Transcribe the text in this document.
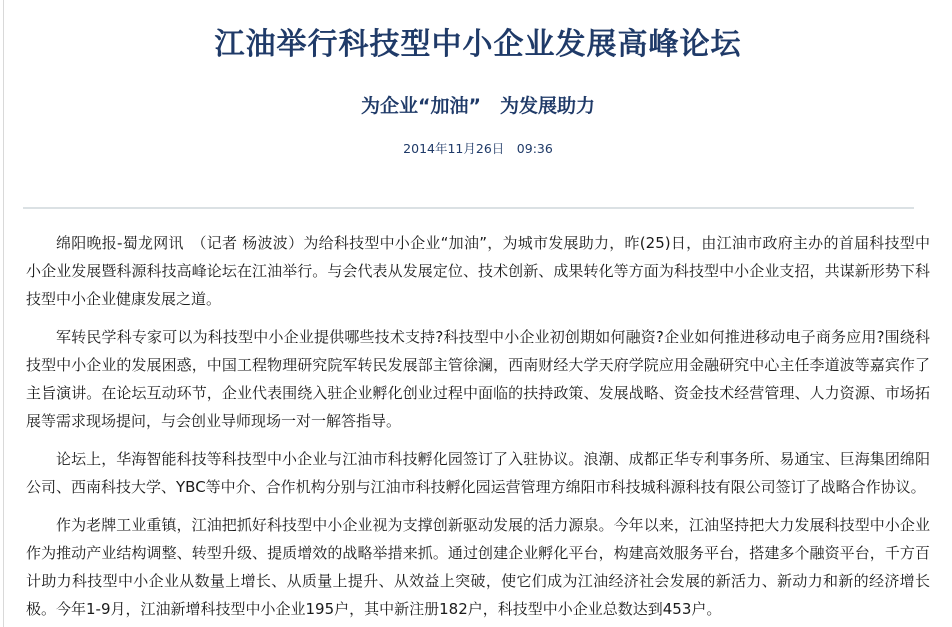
江油举行科技型中小企业发展高峰论坛
为企业“加油”　为发展助力
2014年11月26日　09:36

绵阳晚报-蜀龙网讯　（记者 杨波波）为给科技型中小企业“加油”，为城市发展助力，昨(25)日，由江油市政府主办的首届科技型中小企业发展暨科源科技高峰论坛在江油举行。与会代表从发展定位、技术创新、成果转化等方面为科技型中小企业支招，共谋新形势下科技型中小企业健康发展之道。

军转民学科专家可以为科技型中小企业提供哪些技术支持?科技型中小企业初创期如何融资?企业如何推进移动电子商务应用?围绕科技型中小企业的发展困惑，中国工程物理研究院军转民发展部主管徐澜，西南财经大学天府学院应用金融研究中心主任李道波等嘉宾作了主旨演讲。在论坛互动环节，企业代表围绕入驻企业孵化创业过程中面临的扶持政策、发展战略、资金技术经营管理、人力资源、市场拓展等需求现场提问，与会创业导师现场一对一解答指导。

论坛上，华海智能科技等科技型中小企业与江油市科技孵化园签订了入驻协议。浪潮、成都正华专利事务所、易通宝、巨海集团绵阳公司、西南科技大学、YBC等中介、合作机构分别与江油市科技孵化园运营管理方绵阳市科技城科源科技有限公司签订了战略合作协议。

作为老牌工业重镇，江油把抓好科技型中小企业视为支撑创新驱动发展的活力源泉。今年以来，江油坚持把大力发展科技型中小企业作为推动产业结构调整、转型升级、提质增效的战略举措来抓。通过创建企业孵化平台，构建高效服务平台，搭建多个融资平台，千方百计助力科技型中小企业从数量上增长、从质量上提升、从效益上突破，使它们成为江油经济社会发展的新活力、新动力和新的经济增长极。今年1-9月，江油新增科技型中小企业195户，其中新注册182户，科技型中小企业总数达到453户。
